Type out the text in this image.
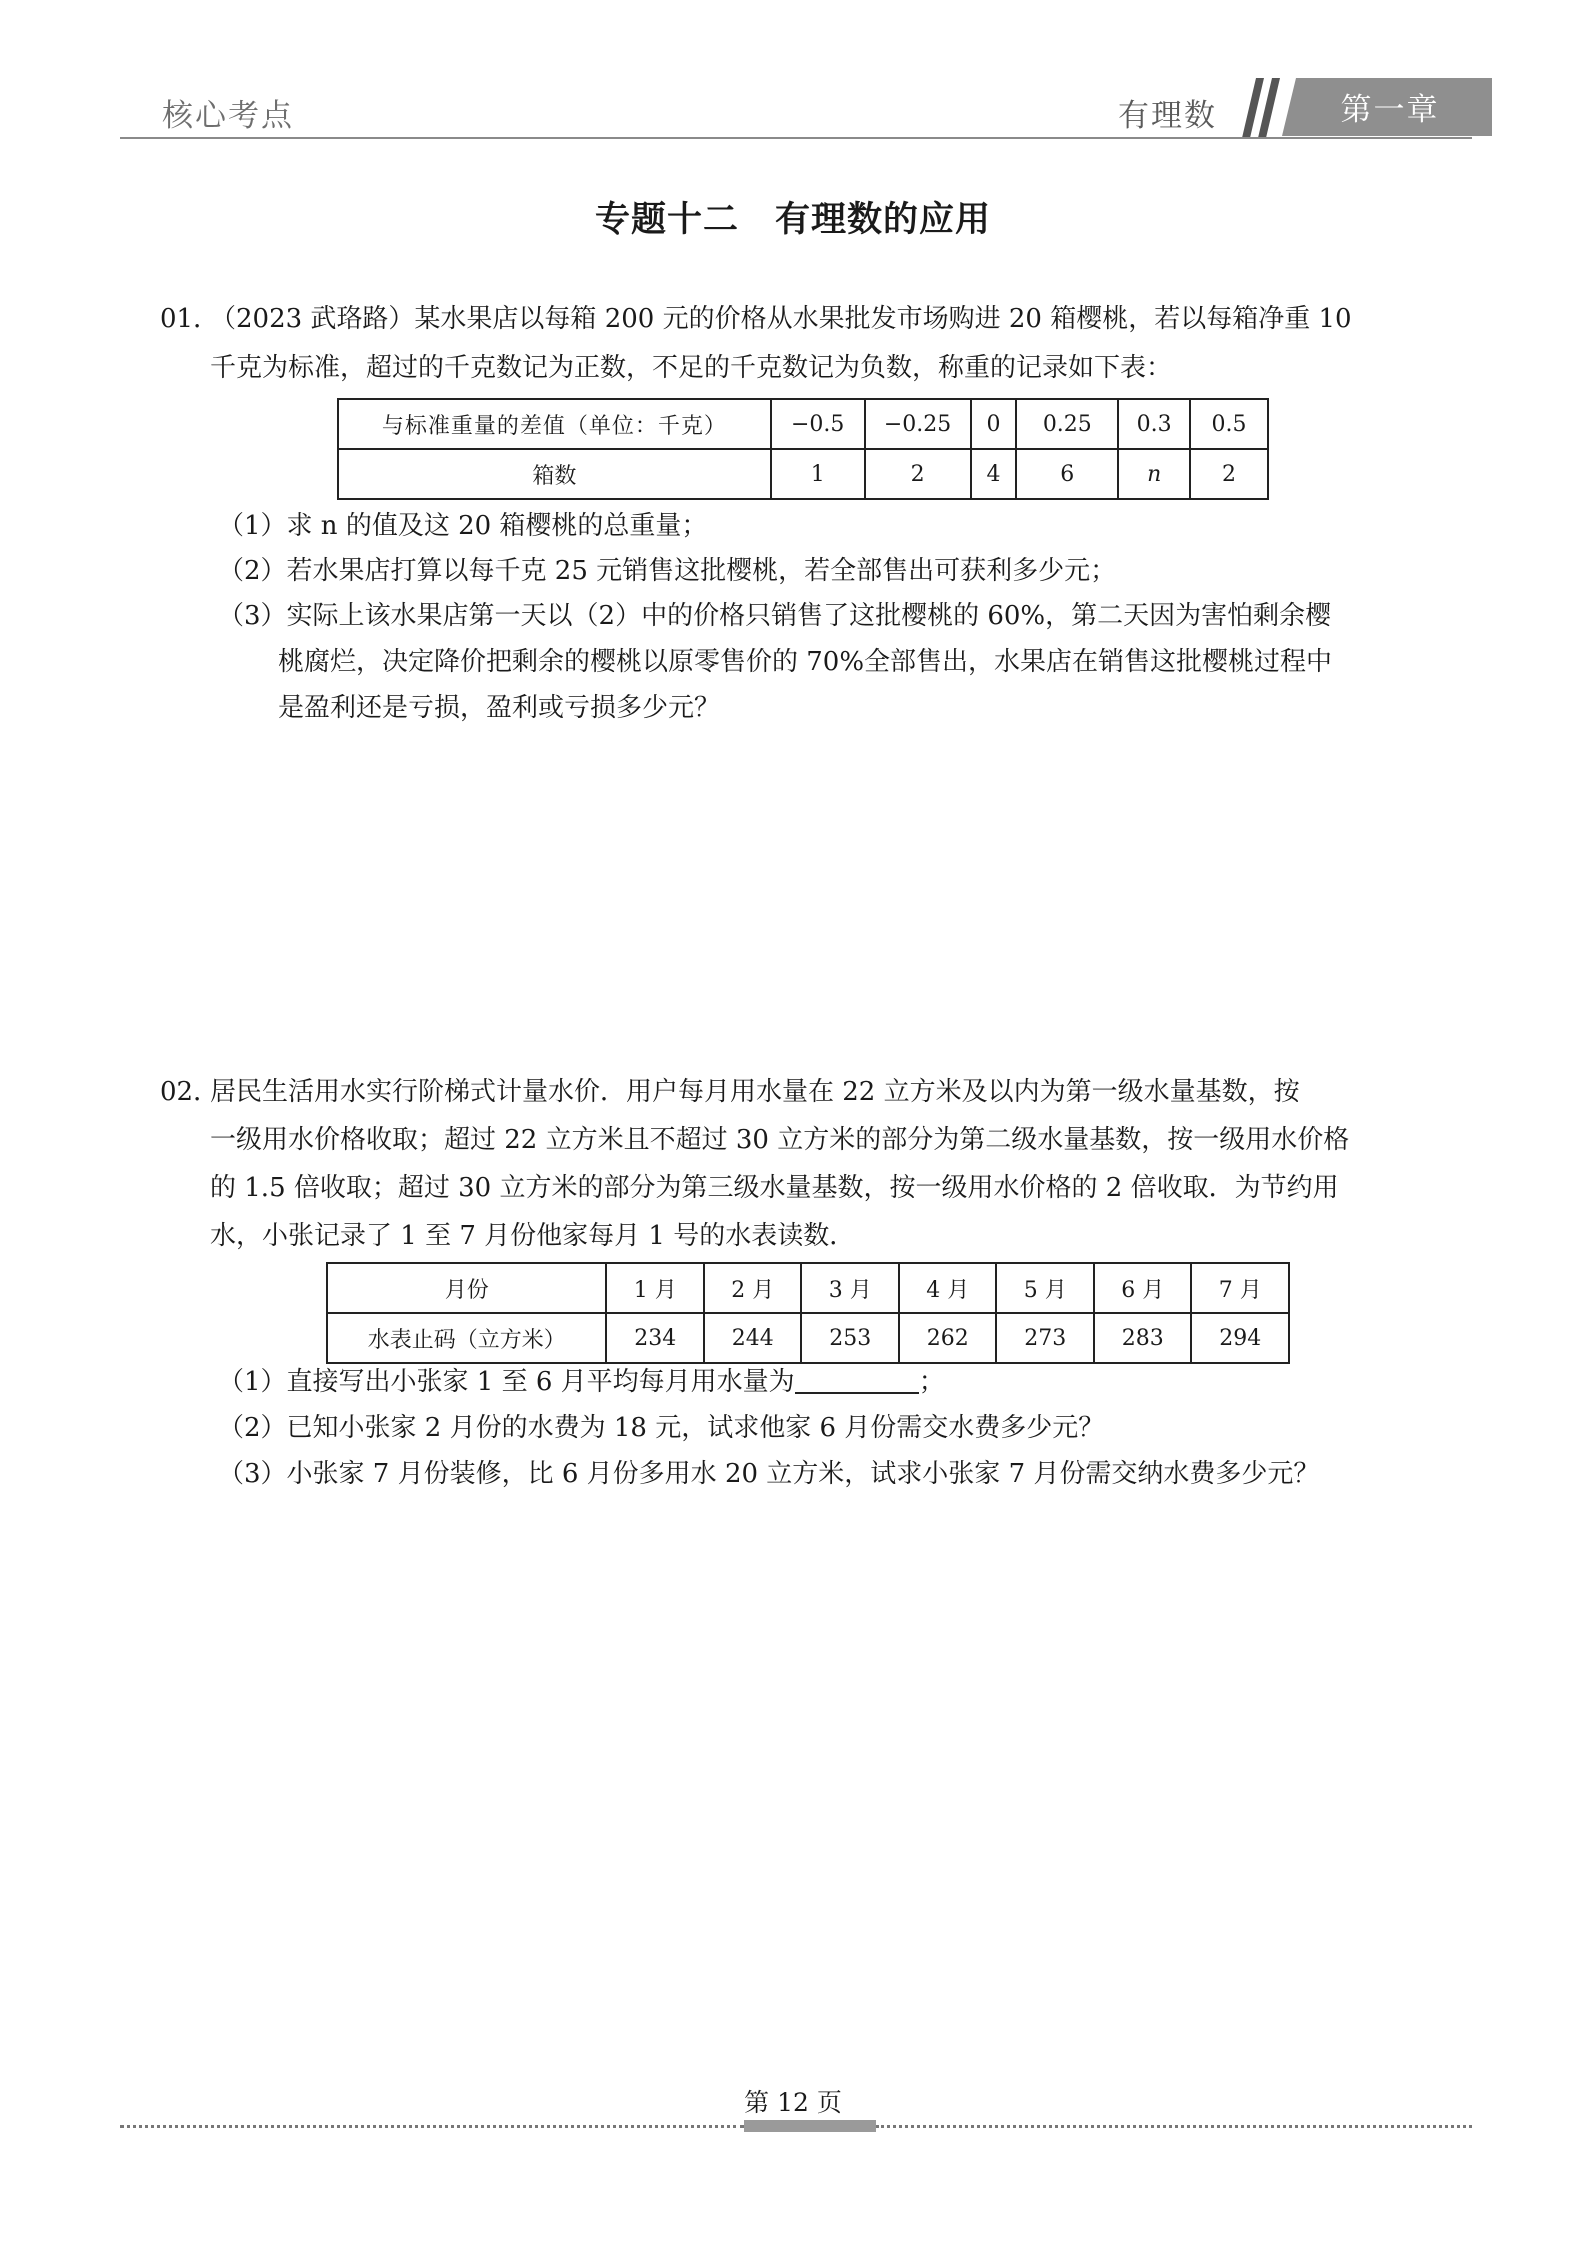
核心考点	有理数	第一章
专题十二　有理数的应用
01．
（2023 武珞路）某水果店以每箱 200 元的价格从水果批发市场购进 20 箱樱桃，若以每箱净重 10
千克为标准，超过的千克数记为正数，不足的千克数记为负数，称重的记录如下表：
与标准重量的差值（单位：千克）	−0.5	−0.25	0	0.25	0.3	0.5
箱数	1	2	4	6	n	2
（1）求 n 的值及这 20 箱樱桃的总重量；
（2）若水果店打算以每千克 25 元销售这批樱桃，若全部售出可获利多少元；
（3）实际上该水果店第一天以（2）中的价格只销售了这批樱桃的 60%，第二天因为害怕剩余樱
桃腐烂，决定降价把剩余的樱桃以原零售价的 70%全部售出，水果店在销售这批樱桃过程中
是盈利还是亏损，盈利或亏损多少元？
02．
居民生活用水实行阶梯式计量水价．用户每月用水量在 22 立方米及以内为第一级水量基数，按
一级用水价格收取；超过 22 立方米且不超过 30 立方米的部分为第二级水量基数，按一级用水价格
的 1.5 倍收取；超过 30 立方米的部分为第三级水量基数，按一级用水价格的 2 倍收取．为节约用
水，小张记录了 1 至 7 月份他家每月 1 号的水表读数．
月份	1 月	2 月	3 月	4 月	5 月	6 月	7 月
水表止码（立方米）	234	244	253	262	273	283	294
（1）直接写出小张家 1 至 6 月平均每月用水量为	；
（2）已知小张家 2 月份的水费为 18 元，试求他家 6 月份需交水费多少元？
（3）小张家 7 月份装修，比 6 月份多用水 20 立方米，试求小张家 7 月份需交纳水费多少元？
第 12 页
